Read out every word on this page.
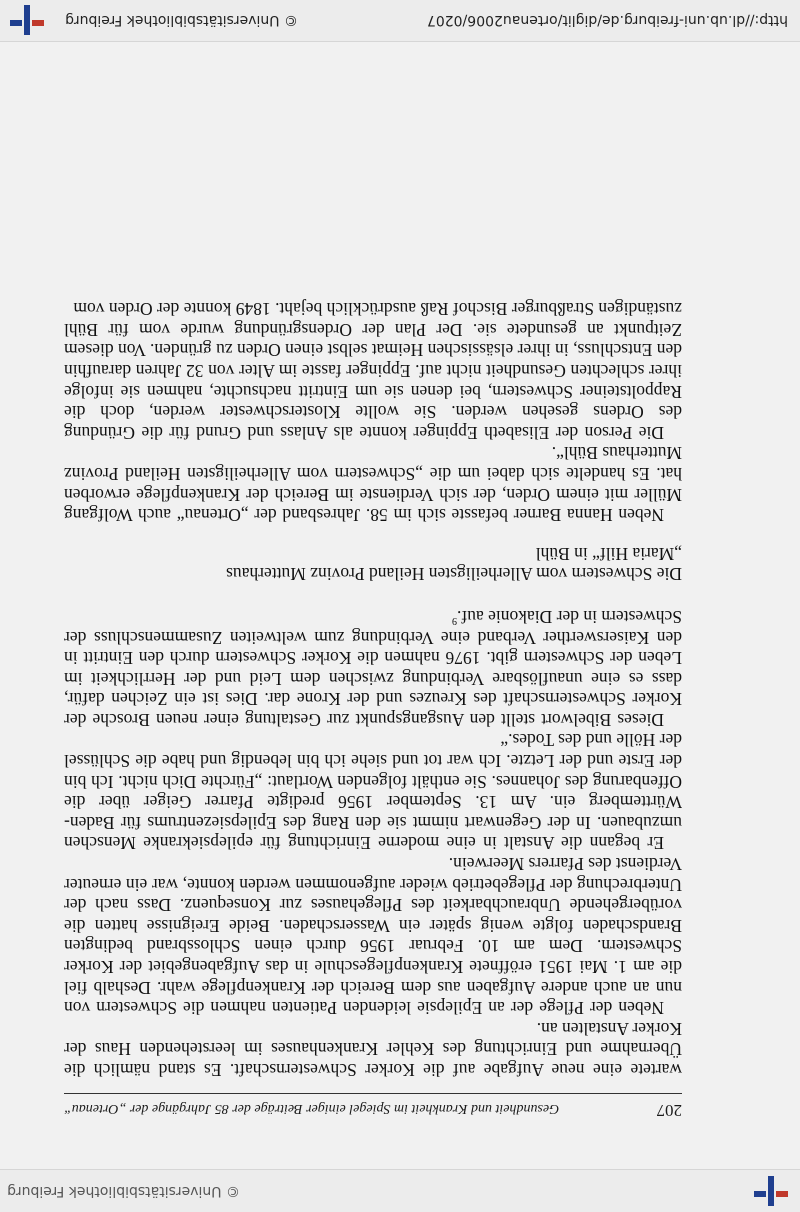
© Universitätsbibliothek Freiburg
207
Gesundheit und Krankheit im Spiegel einiger Beiträge der 85 Jahrgänge der „Ortenau“

wartete eine neue Aufgabe auf die Korker Schwesternschaft. Es stand nämlich die Übernahme und Einrichtung des Kehler Krankenhauses im leerstehenden Haus der Korker Anstalten an.

Neben der Pflege der an Epilepsie leidenden Patienten nahmen die Schwestern von nun an auch andere Aufgaben aus dem Bereich der Krankenpflege wahr. Deshalb fiel die am 1. Mai 1951 eröffnete Krankenpflegeschule in das Aufgabengebiet der Korker Schwestern. Dem am 10. Februar 1956 durch einen Schlossbrand bedingten Brandschaden folgte wenig später ein Wasserschaden. Beide Ereignisse hatten die vorübergehende Unbrauchbarkeit des Pflegehauses zur Konsequenz. Dass nach der Unterbrechung der Pflegebetrieb wieder aufgenommen werden konnte, war ein erneuter Verdienst des Pfarrers Meerwein.

Er begann die Anstalt in eine moderne Einrichtung für epilepsiekranke Menschen umzubauen. In der Gegenwart nimmt sie den Rang des Epilepsiezentrums für Baden-Württemberg ein. Am 13. September 1956 predigte Pfarrer Geiger über die Offenbarung des Johannes. Sie enthält folgenden Wortlaut: „Fürchte Dich nicht. Ich bin der Erste und der Letzte. Ich war tot und siehe ich bin lebendig und habe die Schlüssel der Hölle und des Todes.“

Dieses Bibelwort stellt den Ausgangspunkt zur Gestaltung einer neuen Brosche der Korker Schwesternschaft des Kreuzes und der Krone dar. Dies ist ein Zeichen dafür, dass es eine unauflösbare Verbindung zwischen dem Leid und der Herrlichkeit im Leben der Schwestern gibt. 1976 nahmen die Korker Schwestern durch den Eintritt in den Kaiserswerther Verband eine Verbindung zum weltweiten Zusammenschluss der Schwestern in der Diakonie auf.$^9$

Die Schwestern vom Allerheiligsten Heiland Provinz Mutterhaus
„Maria Hilf“ in Bühl

Neben Hanna Barner befasste sich im 58. Jahresband der „Ortenau“ auch Wolfgang Müller mit einem Orden, der sich Verdienste im Bereich der Krankenpflege erworben hat. Es handelte sich dabei um die „Schwestern vom Allerheiligsten Heiland Provinz Mutterhaus Bühl“.

Die Person der Elisabeth Eppinger konnte als Anlass und Grund für die Gründung des Ordens gesehen werden. Sie wollte Klosterschwester werden, doch die Rappoltsteiner Schwestern, bei denen sie um Eintritt nachsuchte, nahmen sie infolge ihrer schlechten Gesundheit nicht auf. Eppinger fasste im Alter von 32 Jahren daraufhin den Entschluss, in ihrer elsässischen Heimat selbst einen Orden zu gründen. Von diesem Zeitpunkt an gesundete sie. Der Plan der Ordensgründung wurde vom für Bühl zuständigen Straßburger Bischof Raß ausdrücklich bejaht. 1849 konnte der Orden vom

http://dl.ub.uni-freiburg.de/diglit/ortenau2006/0207
© Universitätsbibliothek Freiburg
